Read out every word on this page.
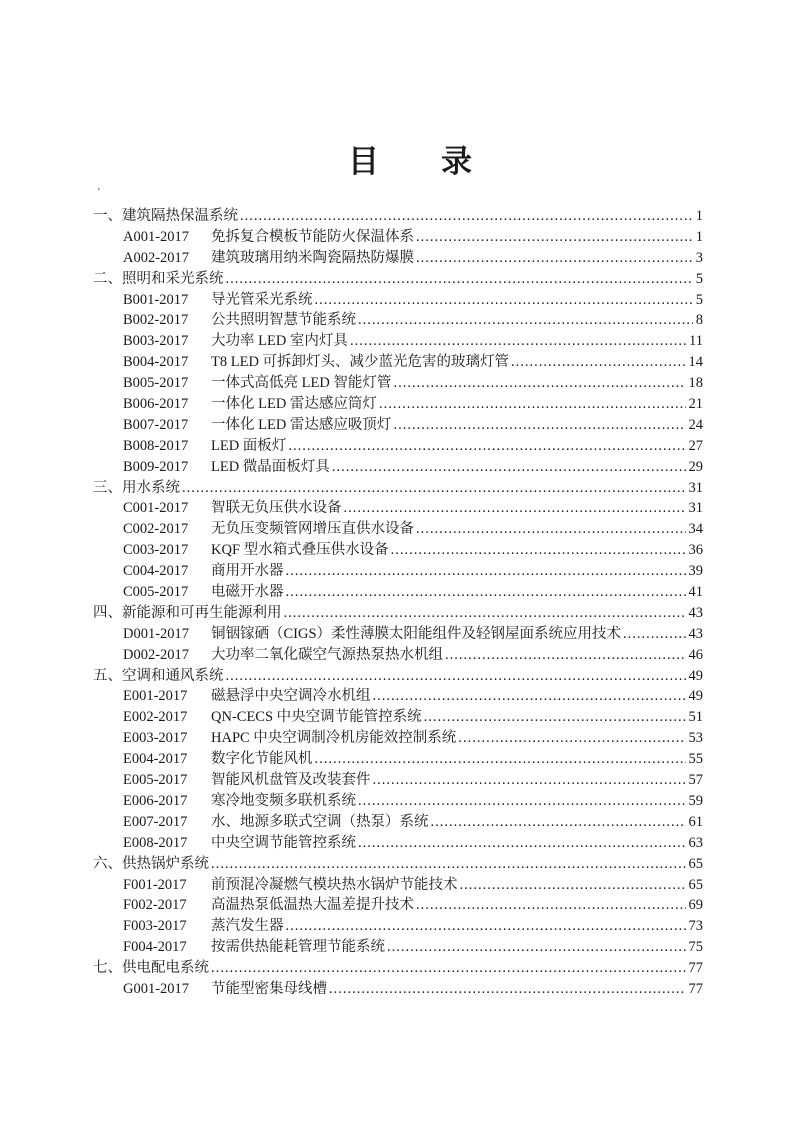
目　　录
'
一、建筑隔热保温系统 .....	1
A001-2017	免拆复合模板节能防火保温体系 .....	1
A002-2017	建筑玻璃用纳米陶瓷隔热防爆膜 .....	3
二、照明和采光系统 .....	5
B001-2017	导光管采光系统 .....	5
B002-2017	公共照明智慧节能系统 .....	8
B003-2017	大功率 LED 室内灯具 .....	11
B004-2017	T8 LED 可拆卸灯头、减少蓝光危害的玻璃灯管 .....	14
B005-2017	一体式高低亮 LED 智能灯管 .....	18
B006-2017	一体化 LED 雷达感应筒灯 .....	21
B007-2017	一体化 LED 雷达感应吸顶灯 .....	24
B008-2017	LED 面板灯 .....	27
B009-2017	LED 微晶面板灯具 .....	29
三、用水系统 .....	31
C001-2017	智联无负压供水设备 .....	31
C002-2017	无负压变频管网增压直供水设备 .....	34
C003-2017	KQF 型水箱式叠压供水设备 .....	36
C004-2017	商用开水器 .....	39
C005-2017	电磁开水器 .....	41
四、新能源和可再生能源利用 .....	43
D001-2017	铜铟镓硒（CIGS）柔性薄膜太阳能组件及轻钢屋面系统应用技术 .....	43
D002-2017	大功率二氧化碳空气源热泵热水机组 .....	46
五、空调和通风系统 .....	49
E001-2017	磁悬浮中央空调冷水机组 .....	49
E002-2017	QN-CECS 中央空调节能管控系统 .....	51
E003-2017	HAPC 中央空调制冷机房能效控制系统 .....	53
E004-2017	数字化节能风机 .....	55
E005-2017	智能风机盘管及改装套件 .....	57
E006-2017	寒冷地变频多联机系统 .....	59
E007-2017	水、地源多联式空调（热泵）系统 .....	61
E008-2017	中央空调节能管控系统 .....	63
六、供热锅炉系统 .....	65
F001-2017	前预混冷凝燃气模块热水锅炉节能技术 .....	65
F002-2017	高温热泵低温热大温差提升技术 .....	69
F003-2017	蒸汽发生器 .....	73
F004-2017	按需供热能耗管理节能系统 .....	75
七、供电配电系统 .....	77
G001-2017	节能型密集母线槽 .....	77
